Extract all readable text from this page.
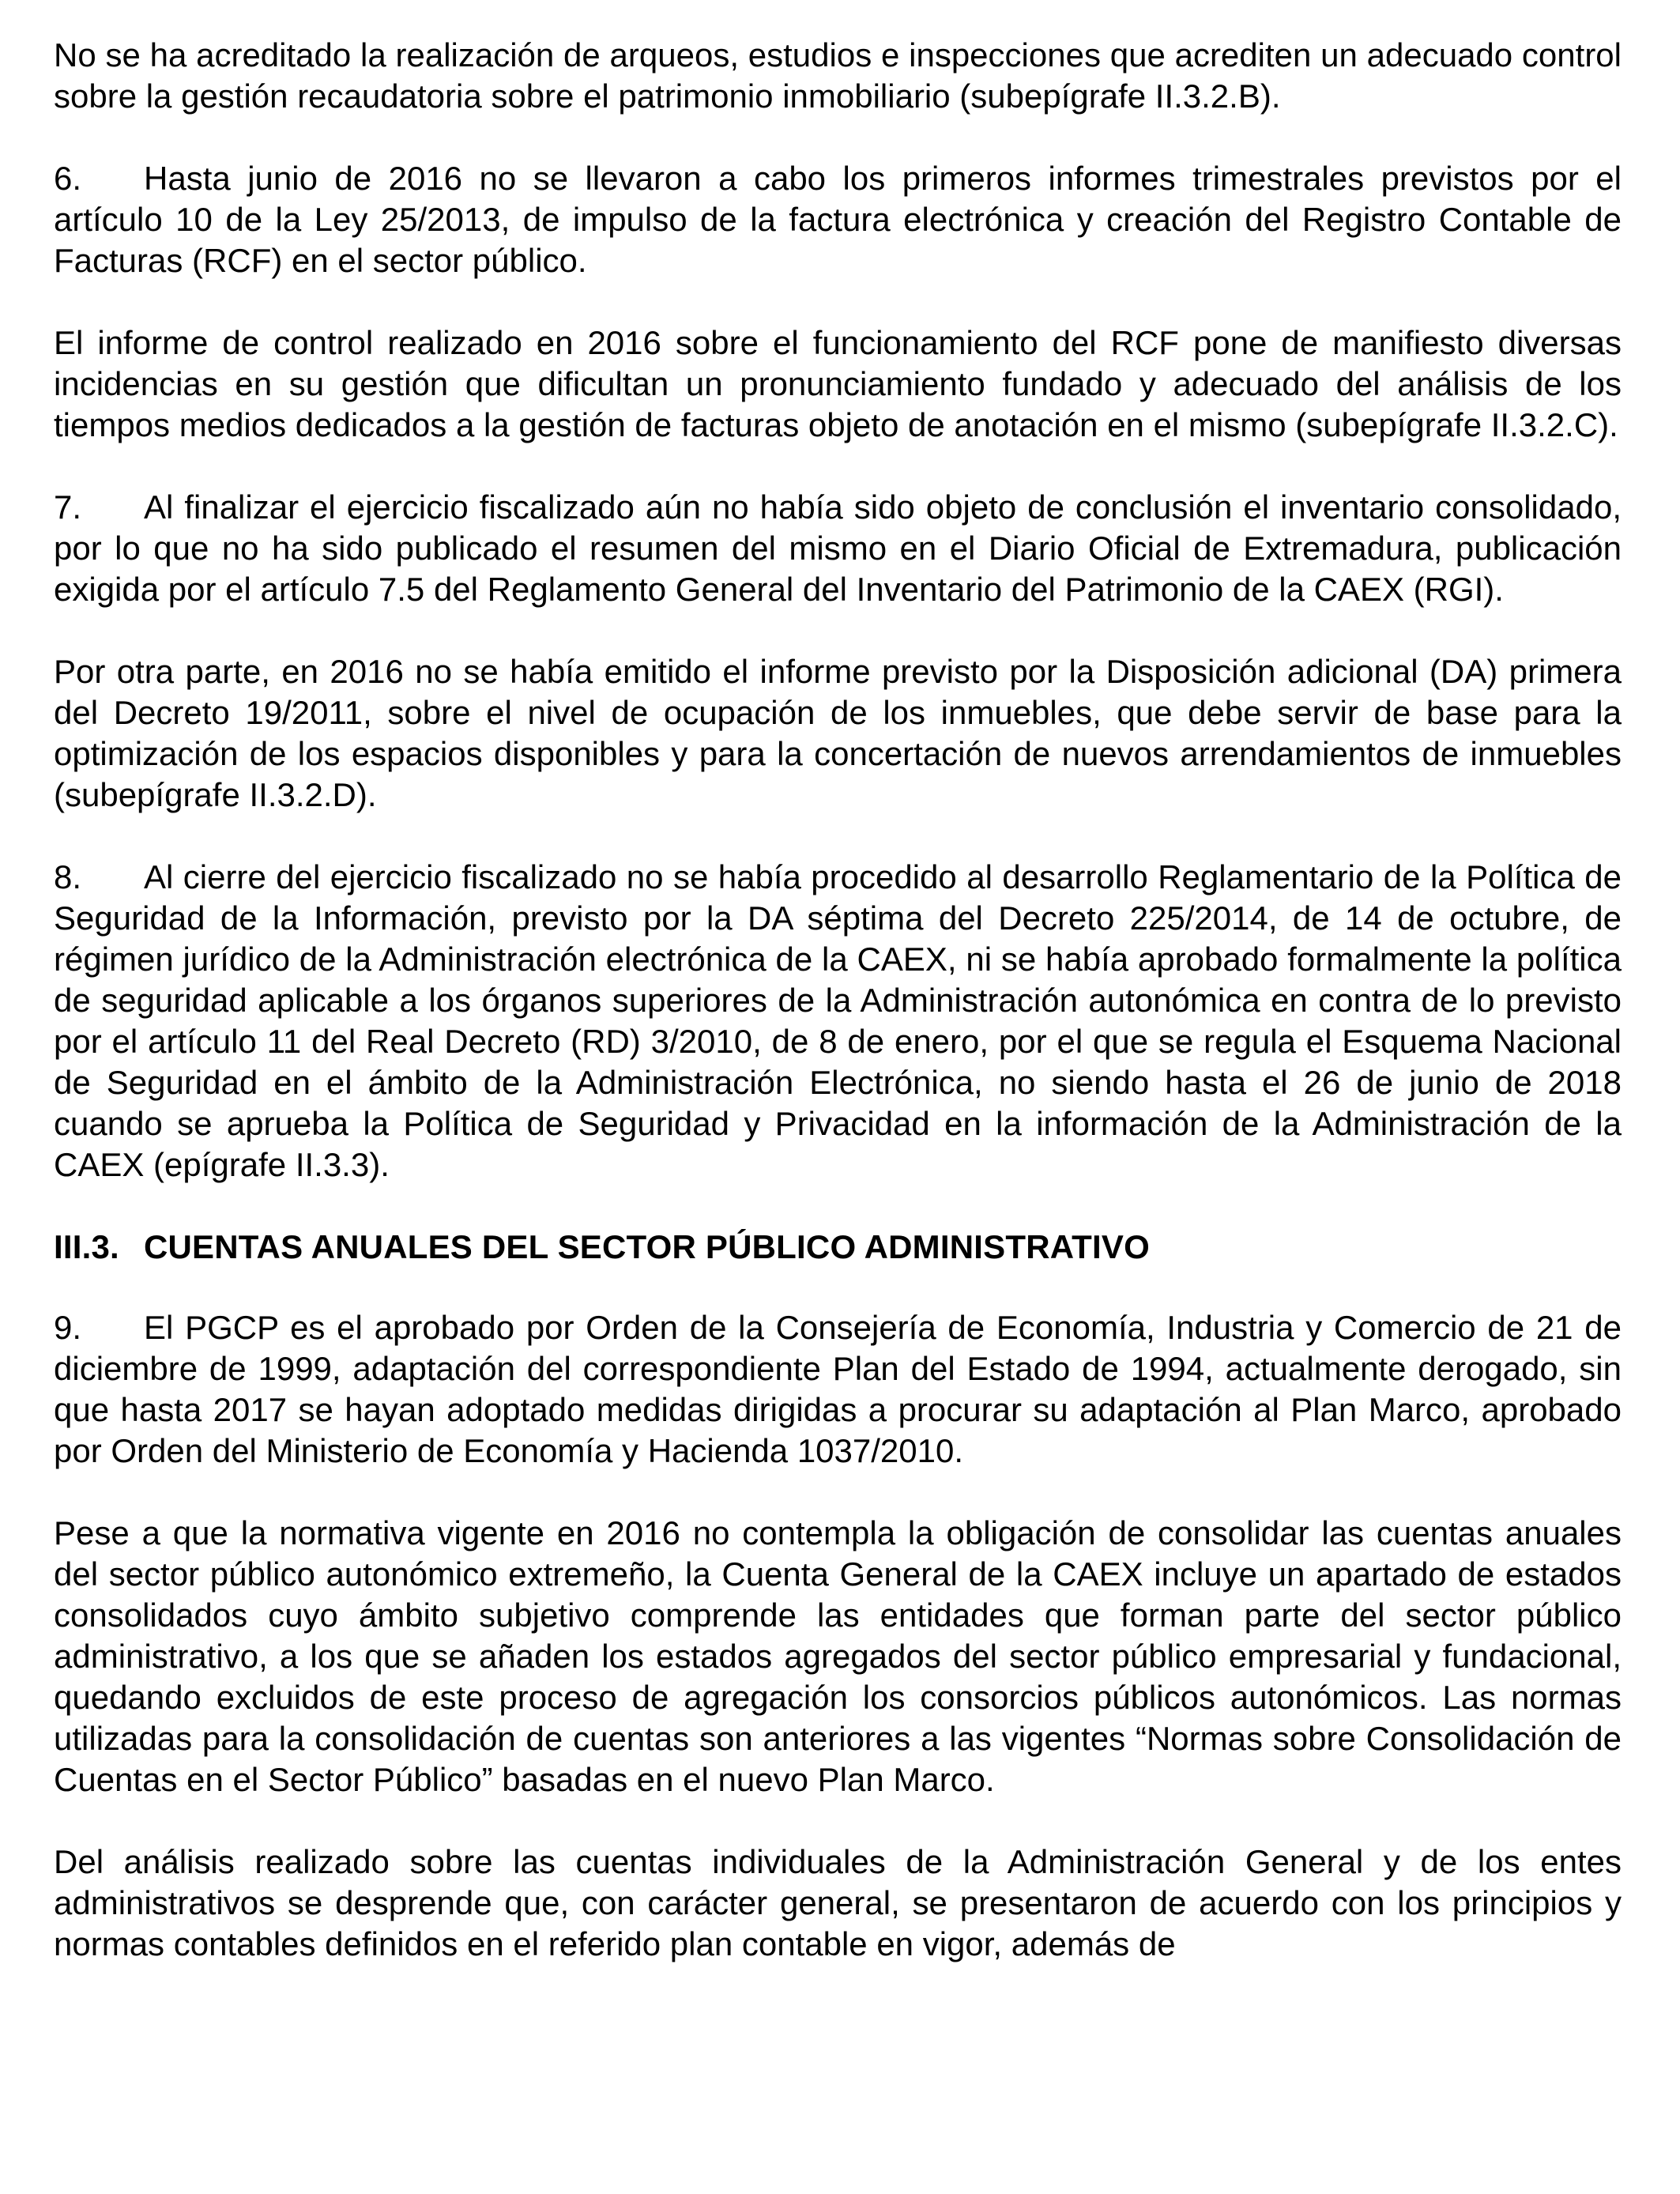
No se ha acreditado la realización de arqueos, estudios e inspecciones que acrediten un adecuado control sobre la gestión recaudatoria sobre el patrimonio inmobiliario (subepígrafe II.3.2.B).

6. Hasta junio de 2016 no se llevaron a cabo los primeros informes trimestrales previstos por el artículo 10 de la Ley 25/2013, de impulso de la factura electrónica y creación del Registro Contable de Facturas (RCF) en el sector público.

El informe de control realizado en 2016 sobre el funcionamiento del RCF pone de manifiesto diversas incidencias en su gestión que dificultan un pronunciamiento fundado y adecuado del análisis de los tiempos medios dedicados a la gestión de facturas objeto de anotación en el mismo (subepígrafe II.3.2.C).

7. Al finalizar el ejercicio fiscalizado aún no había sido objeto de conclusión el inventario consolidado, por lo que no ha sido publicado el resumen del mismo en el Diario Oficial de Extremadura, publicación exigida por el artículo 7.5 del Reglamento General del Inventario del Patrimonio de la CAEX (RGI).

Por otra parte, en 2016 no se había emitido el informe previsto por la Disposición adicional (DA) primera del Decreto 19/2011, sobre el nivel de ocupación de los inmuebles, que debe servir de base para la optimización de los espacios disponibles y para la concertación de nuevos arrendamientos de inmuebles (subepígrafe II.3.2.D).

8. Al cierre del ejercicio fiscalizado no se había procedido al desarrollo Reglamentario de la Política de Seguridad de la Información, previsto por la DA séptima del Decreto 225/2014, de 14 de octubre, de régimen jurídico de la Administración electrónica de la CAEX, ni se había aprobado formalmente la política de seguridad aplicable a los órganos superiores de la Administración autonómica en contra de lo previsto por el artículo 11 del Real Decreto (RD) 3/2010, de 8 de enero, por el que se regula el Esquema Nacional de Seguridad en el ámbito de la Administración Electrónica, no siendo hasta el 26 de junio de 2018 cuando se aprueba la Política de Seguridad y Privacidad en la información de la Administración de la CAEX (epígrafe II.3.3).

III.3. CUENTAS ANUALES DEL SECTOR PÚBLICO ADMINISTRATIVO

9. El PGCP es el aprobado por Orden de la Consejería de Economía, Industria y Comercio de 21 de diciembre de 1999, adaptación del correspondiente Plan del Estado de 1994, actualmente derogado, sin que hasta 2017 se hayan adoptado medidas dirigidas a procurar su adaptación al Plan Marco, aprobado por Orden del Ministerio de Economía y Hacienda 1037/2010.

Pese a que la normativa vigente en 2016 no contempla la obligación de consolidar las cuentas anuales del sector público autonómico extremeño, la Cuenta General de la CAEX incluye un apartado de estados consolidados cuyo ámbito subjetivo comprende las entidades que forman parte del sector público administrativo, a los que se añaden los estados agregados del sector público empresarial y fundacional, quedando excluidos de este proceso de agregación los consorcios públicos autonómicos. Las normas utilizadas para la consolidación de cuentas son anteriores a las vigentes “Normas sobre Consolidación de Cuentas en el Sector Público” basadas en el nuevo Plan Marco.

Del análisis realizado sobre las cuentas individuales de la Administración General y de los entes administrativos se desprende que, con carácter general, se presentaron de acuerdo con los principios y normas contables definidos en el referido plan contable en vigor, además de
